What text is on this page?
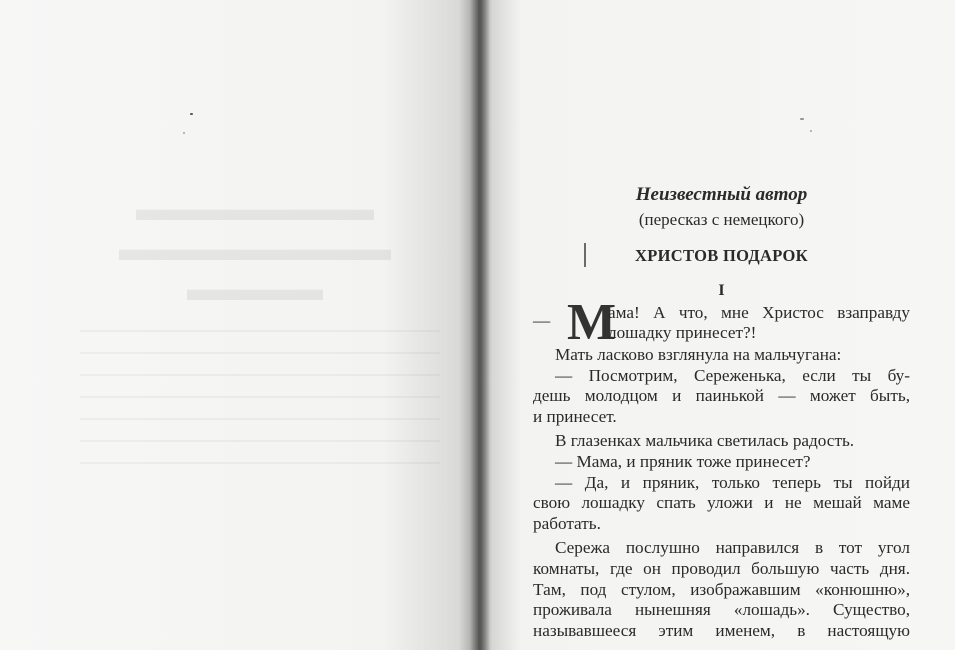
▬▬▬▬▬▬▬
▬▬▬▬▬▬▬▬
▬▬▬▬
Неизвестный автор
(пересказ с немецкого)
ХРИСТОВ ПОДАРОК
I
— М
ама! А что, мне Христос взаправду
лошадку принесет?!
Мать ласково взглянула на мальчугана:
— Посмотрим, Сереженька, если ты бу-
дешь молодцом и паинькой — может быть,
и принесет.
В глазенках мальчика светилась радость.
— Мама, и пряник тоже принесет?
— Да, и пряник, только теперь ты пойди
свою лошадку спать уложи и не мешай маме
работать.
Сережа послушно направился в тот угол
комнаты, где он проводил большую часть дня.
Там, под стулом, изображавшим «конюшню»,
проживала нынешняя «лошадь». Существо,
называвшееся этим именем, в настоящую
